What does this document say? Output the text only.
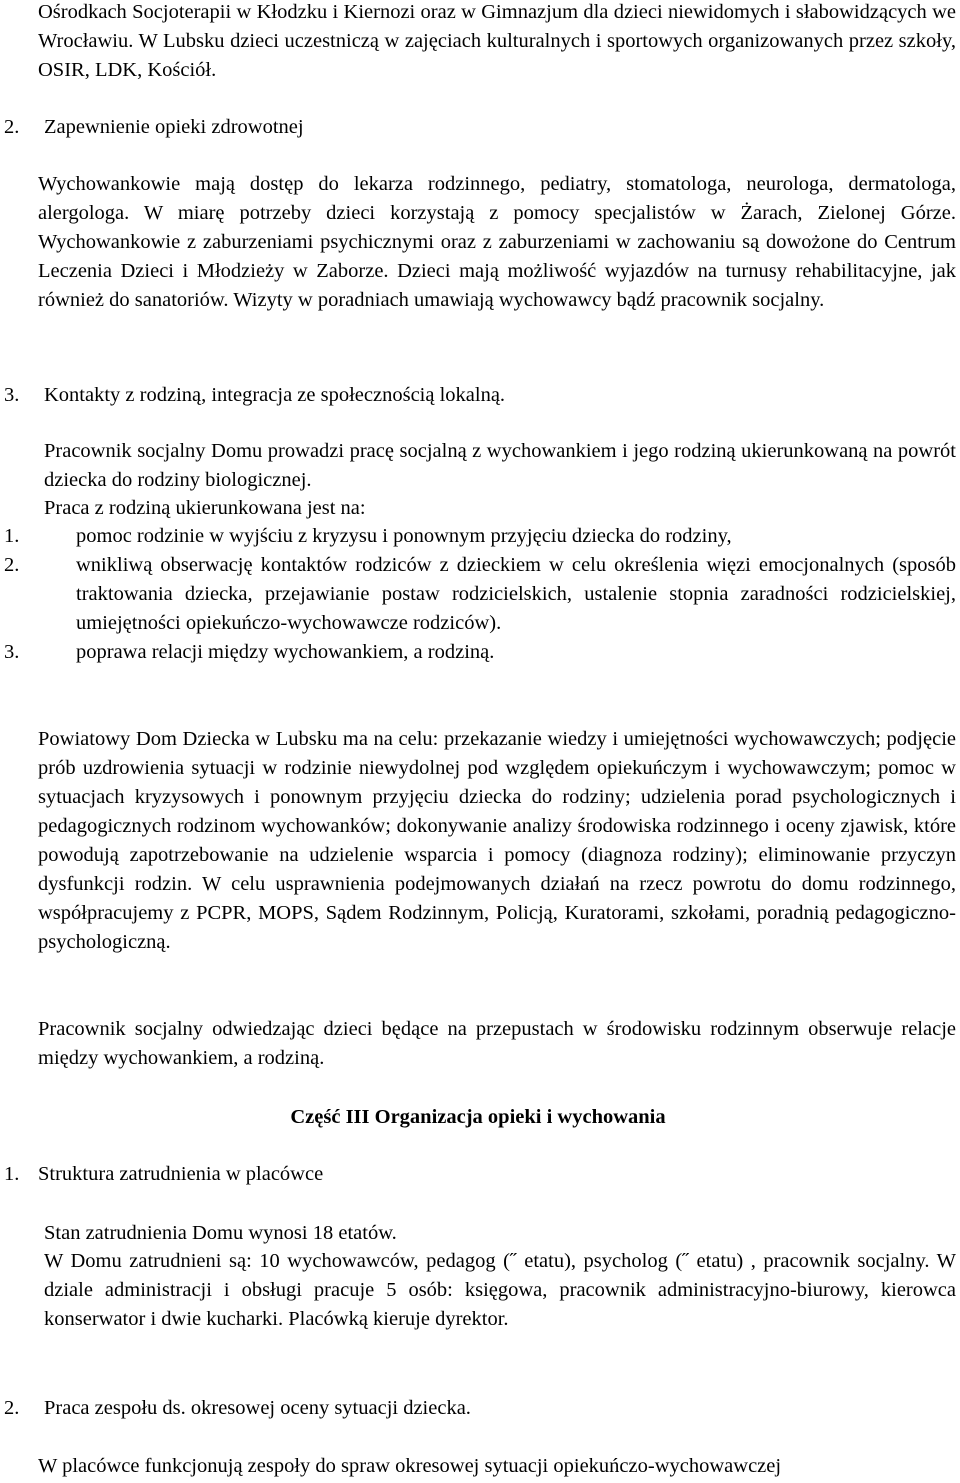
Ośrodkach Socjoterapii w Kłodzku i Kiernozi oraz w Gimnazjum dla dzieci niewidomych i słabowidzących we Wrocławiu. W Lubsku dzieci uczestniczą w zajęciach kulturalnych i sportowych organizowanych przez szkoły, OSIR, LDK, Kościół.

2. Zapewnienie opieki zdrowotnej

Wychowankowie mają dostęp do lekarza rodzinnego, pediatry, stomatologa, neurologa, dermatologa, alergologa. W miarę potrzeby dzieci korzystają z pomocy specjalistów w Żarach, Zielonej Górze. Wychowankowie z zaburzeniami psychicznymi oraz z zaburzeniami w zachowaniu są dowożone do Centrum Leczenia Dzieci i Młodzieży w Zaborze. Dzieci mają możliwość wyjazdów na turnusy rehabilitacyjne, jak również do sanatoriów. Wizyty w poradniach umawiają wychowawcy bądź pracownik socjalny.

3. Kontakty z rodziną, integracja ze społecznością lokalną.

Pracownik socjalny Domu prowadzi pracę socjalną z wychowankiem i jego rodziną ukierunkowaną na powrót dziecka do rodziny biologicznej.

Praca z rodziną ukierunkowana jest na:

1.	pomoc rodzinie w wyjściu z kryzysu i ponownym przyjęciu dziecka do rodziny,
2.	wnikliwą obserwację kontaktów rodziców z dzieckiem w celu określenia więzi emocjonalnych (sposób traktowania dziecka, przejawianie postaw rodzicielskich, ustalenie stopnia zaradności rodzicielskiej, umiejętności opiekuńczo-wychowawcze rodziców).
3.	poprawa relacji między wychowankiem, a rodziną.

Powiatowy Dom Dziecka w Lubsku ma na celu: przekazanie wiedzy i umiejętności wychowawczych; podjęcie prób uzdrowienia sytuacji w rodzinie niewydolnej pod względem opiekuńczym i wychowawczym; pomoc w sytuacjach kryzysowych i ponownym przyjęciu dziecka do rodziny; udzielenia porad psychologicznych i pedagogicznych rodzinom wychowanków; dokonywanie analizy środowiska rodzinnego i oceny zjawisk, które powodują zapotrzebowanie na udzielenie wsparcia i pomocy (diagnoza rodziny); eliminowanie przyczyn dysfunkcji rodzin. W celu usprawnienia podejmowanych działań na rzecz powrotu do domu rodzinnego, współpracujemy z PCPR, MOPS, Sądem Rodzinnym, Policją, Kuratorami, szkołami, poradnią pedagogiczno-psychologiczną.

Pracownik socjalny odwiedzając dzieci będące na przepustach w środowisku rodzinnym obserwuje relacje między wychowankiem, a rodziną.

Część III Organizacja opieki i wychowania
1. Struktura zatrudnienia w placówce

Stan zatrudnienia Domu wynosi 18 etatów.

W Domu zatrudnieni są: 10 wychowawców, pedagog (˝ etatu), psycholog (˝ etatu) , pracownik socjalny. W dziale administracji i obsługi pracuje 5 osób: księgowa, pracownik administracyjno-biurowy, kierowca konserwator i dwie kucharki. Placówką kieruje dyrektor.

2. Praca zespołu ds. okresowej oceny sytuacji dziecka.

W placówce funkcjonują zespoły do spraw okresowej sytuacji opiekuńczo-wychowawczej
